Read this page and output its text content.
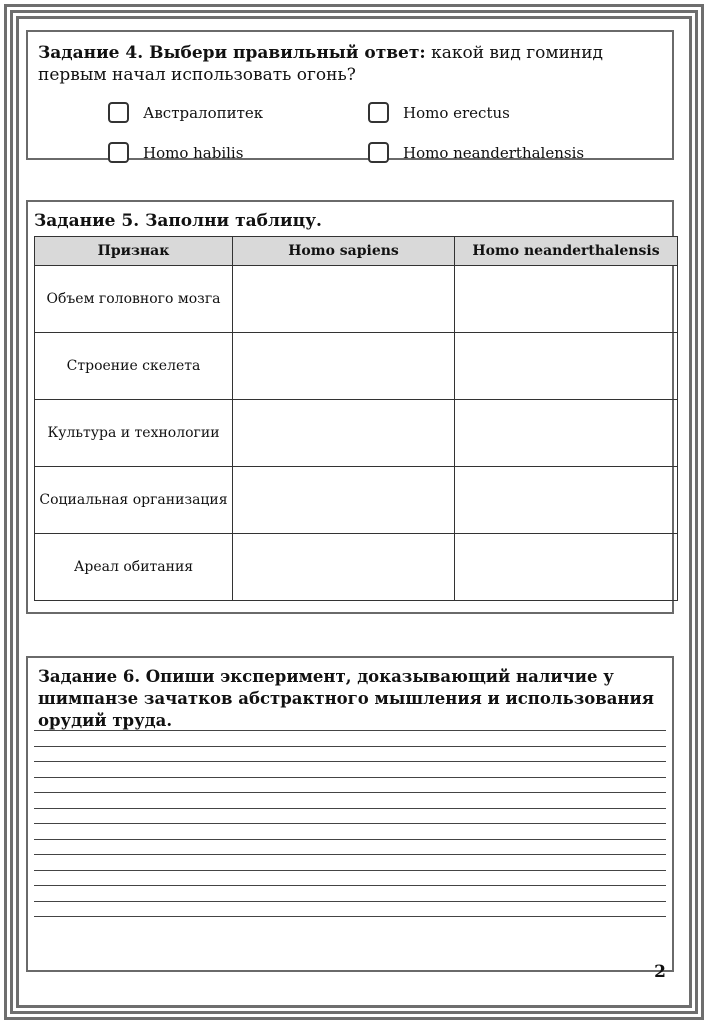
Задание 4. Выбери правильный ответ: какой вид гоминид первым начал использовать огонь?

Австралопитек	Homo erectus
Homo habilis	Homo neanderthalensis

Задание 5. Заполни таблицу.

Признак	Homo sapiens	Homo neanderthalensis
Объем головного мозга		
Строение скелета		
Культура и технологии		
Социальная организация		
Ареал обитания		

Задание 6. Опиши эксперимент, доказывающий наличие у шимпанзе зачатков абстрактного мышления и использования орудий труда.

2
